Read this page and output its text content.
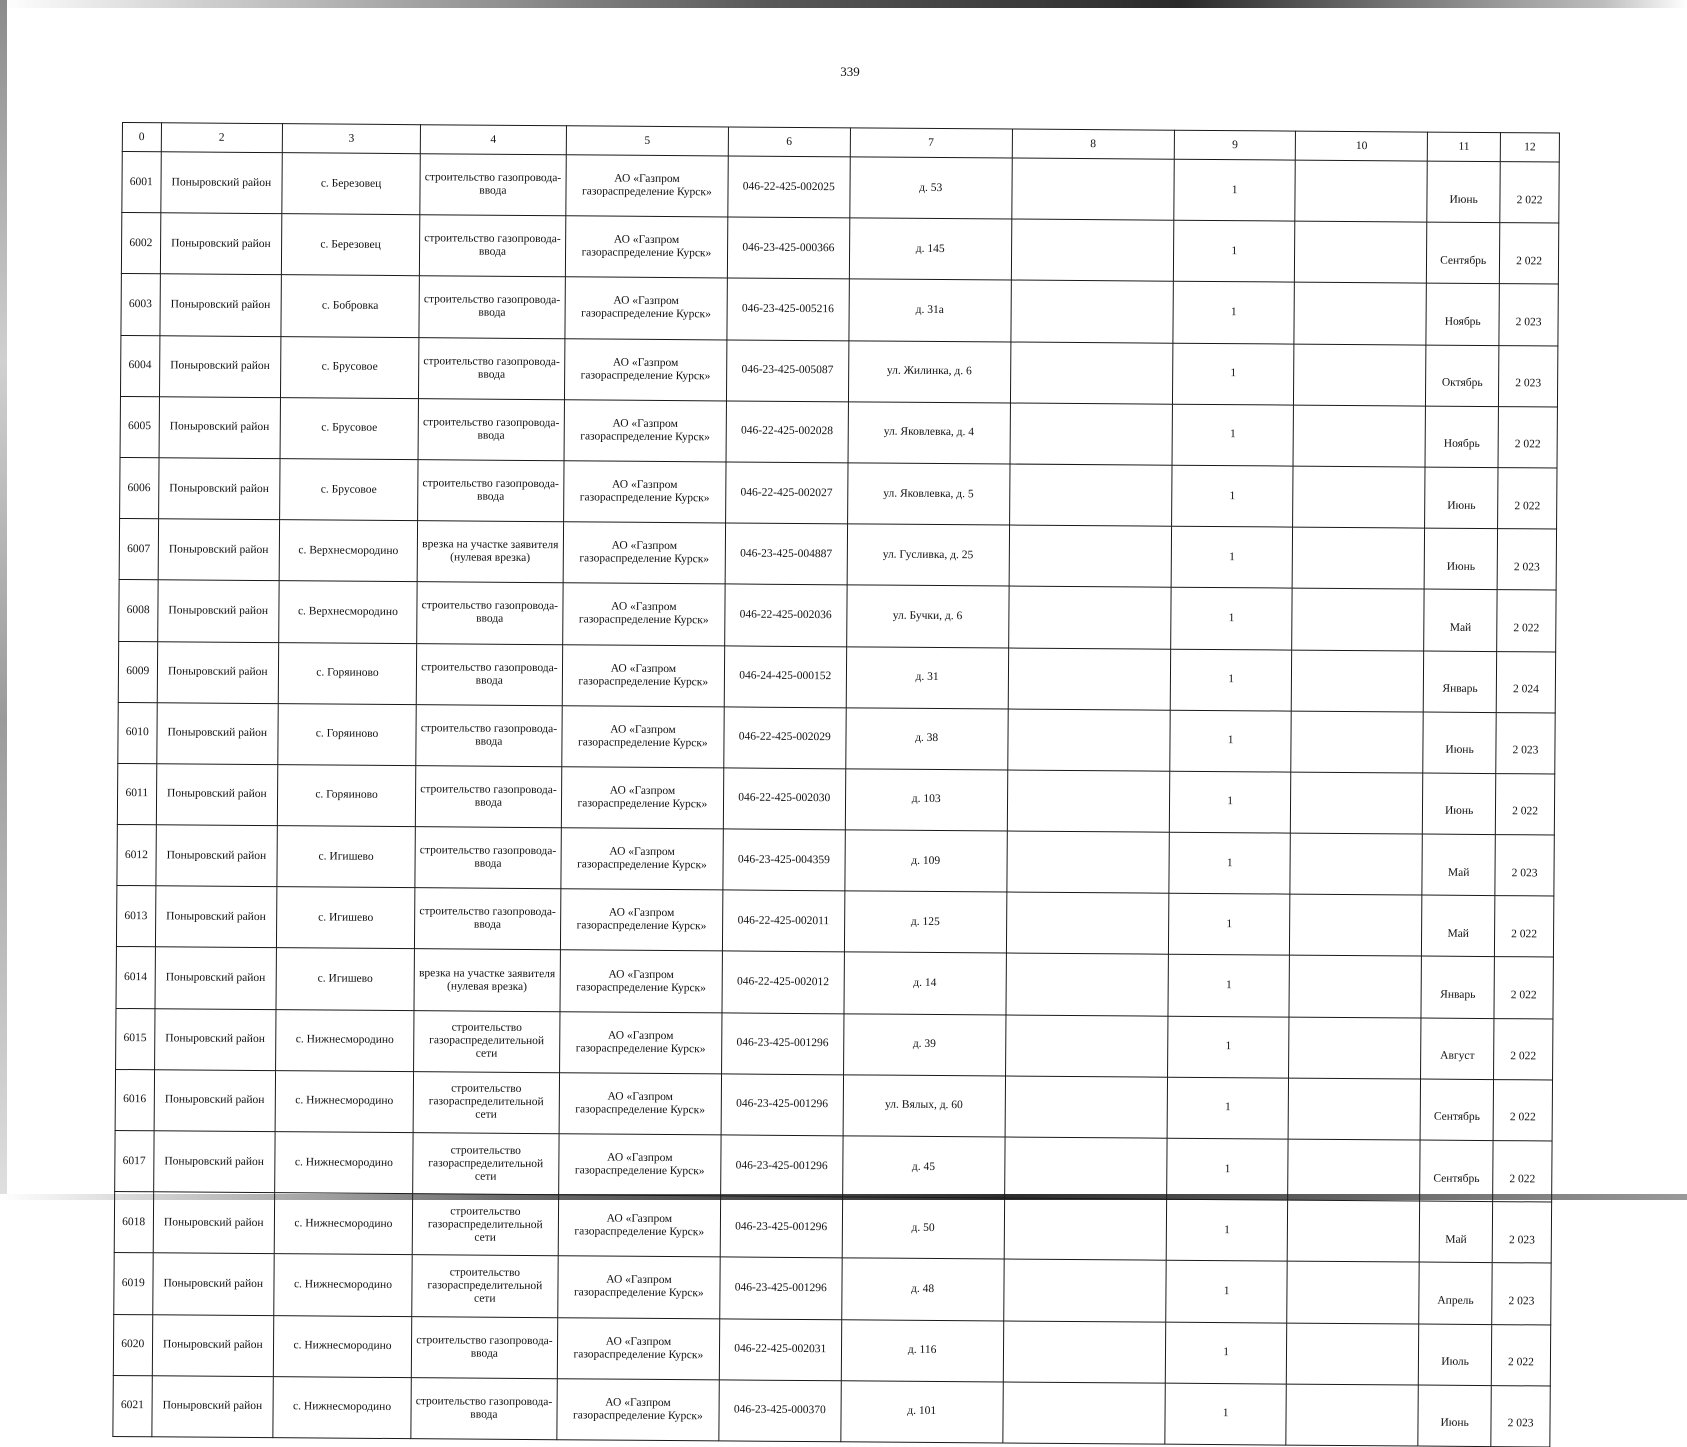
339
0	2	3	4	5	6	7	8	9	10	11	12
6001	Поныровский район	с. Березовец	строительство газопровода-ввода	АО «Газпром газораспределение Курск»	046-22-425-002025	д. 53		1		Июнь	2 022
6002	Поныровский район	с. Березовец	строительство газопровода-ввода	АО «Газпром газораспределение Курск»	046-23-425-000366	д. 145		1		Сентябрь	2 022
6003	Поныровский район	с. Бобровка	строительство газопровода-ввода	АО «Газпром газораспределение Курск»	046-23-425-005216	д. 31а		1		Ноябрь	2 023
6004	Поныровский район	с. Брусовое	строительство газопровода-ввода	АО «Газпром газораспределение Курск»	046-23-425-005087	ул. Жилинка, д. 6		1		Октябрь	2 023
6005	Поныровский район	с. Брусовое	строительство газопровода-ввода	АО «Газпром газораспределение Курск»	046-22-425-002028	ул. Яковлевка, д. 4		1		Ноябрь	2 022
6006	Поныровский район	с. Брусовое	строительство газопровода-ввода	АО «Газпром газораспределение Курск»	046-22-425-002027	ул. Яковлевка, д. 5		1		Июнь	2 022
6007	Поныровский район	с. Верхнесмородино	врезка на участке заявителя (нулевая врезка)	АО «Газпром газораспределение Курск»	046-23-425-004887	ул. Гусливка, д. 25		1		Июнь	2 023
6008	Поныровский район	с. Верхнесмородино	строительство газопровода-ввода	АО «Газпром газораспределение Курск»	046-22-425-002036	ул. Бучки, д. 6		1		Май	2 022
6009	Поныровский район	с. Горяиново	строительство газопровода-ввода	АО «Газпром газораспределение Курск»	046-24-425-000152	д. 31		1		Январь	2 024
6010	Поныровский район	с. Горяиново	строительство газопровода-ввода	АО «Газпром газораспределение Курск»	046-22-425-002029	д. 38		1		Июнь	2 023
6011	Поныровский район	с. Горяиново	строительство газопровода-ввода	АО «Газпром газораспределение Курск»	046-22-425-002030	д. 103		1		Июнь	2 022
6012	Поныровский район	с. Игишево	строительство газопровода-ввода	АО «Газпром газораспределение Курск»	046-23-425-004359	д. 109		1		Май	2 023
6013	Поныровский район	с. Игишево	строительство газопровода-ввода	АО «Газпром газораспределение Курск»	046-22-425-002011	д. 125		1		Май	2 022
6014	Поныровский район	с. Игишево	врезка на участке заявителя (нулевая врезка)	АО «Газпром газораспределение Курск»	046-22-425-002012	д. 14		1		Январь	2 022
6015	Поныровский район	с. Нижнесмородино	строительство газораспределительной сети	АО «Газпром газораспределение Курск»	046-23-425-001296	д. 39		1		Август	2 022
6016	Поныровский район	с. Нижнесмородино	строительство газораспределительной сети	АО «Газпром газораспределение Курск»	046-23-425-001296	ул. Вялых, д. 60		1		Сентябрь	2 022
6017	Поныровский район	с. Нижнесмородино	строительство газораспределительной сети	АО «Газпром газораспределение Курск»	046-23-425-001296	д. 45		1		Сентябрь	2 022
6018	Поныровский район	с. Нижнесмородино	строительство газораспределительной сети	АО «Газпром газораспределение Курск»	046-23-425-001296	д. 50		1		Май	2 023
6019	Поныровский район	с. Нижнесмородино	строительство газораспределительной сети	АО «Газпром газораспределение Курск»	046-23-425-001296	д. 48		1		Апрель	2 023
6020	Поныровский район	с. Нижнесмородино	строительство газопровода-ввода	АО «Газпром газораспределение Курск»	046-22-425-002031	д. 116		1		Июль	2 022
6021	Поныровский район	с. Нижнесмородино	строительство газопровода-ввода	АО «Газпром газораспределение Курск»	046-23-425-000370	д. 101		1		Июнь	2 023
